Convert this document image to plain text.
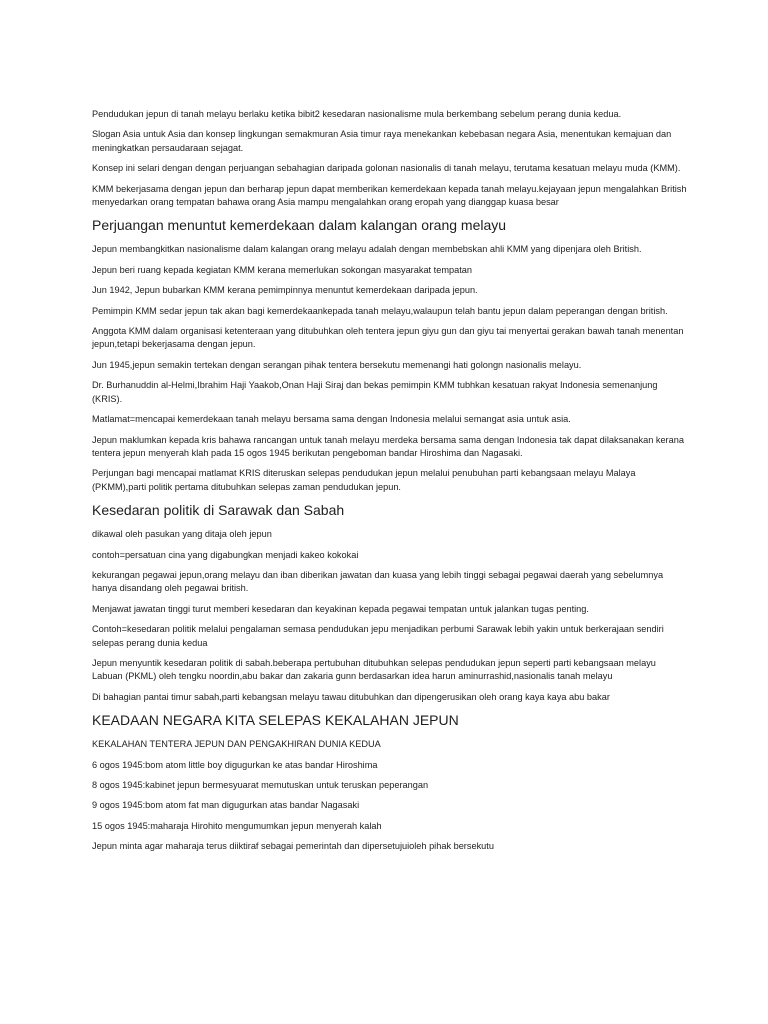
Pendudukan jepun di tanah melayu berlaku ketika bibit2 kesedaran nasionalisme mula berkembang sebelum perang dunia kedua.

Slogan Asia untuk Asia dan konsep lingkungan semakmuran Asia timur raya menekankan kebebasan negara Asia, menentukan kemajuan dan meningkatkan persaudaraan sejagat.

Konsep ini selari dengan dengan perjuangan sebahagian daripada golonan nasionalis di tanah melayu, terutama kesatuan melayu muda (KMM).

KMM bekerjasama dengan jepun dan berharap jepun dapat memberikan kemerdekaan kepada tanah melayu.kejayaan jepun mengalahkan British menyedarkan orang tempatan bahawa orang Asia mampu mengalahkan orang eropah yang dianggap kuasa besar

Perjuangan menuntut kemerdekaan dalam kalangan orang melayu

Jepun membangkitkan nasionalisme dalam kalangan orang melayu adalah dengan membebskan ahli KMM yang dipenjara oleh British.

Jepun beri ruang kepada kegiatan KMM kerana memerlukan sokongan masyarakat tempatan

Jun 1942, Jepun bubarkan KMM kerana pemimpinnya menuntut kemerdekaan daripada jepun.

Pemimpin KMM sedar jepun tak akan bagi kemerdekaankepada tanah melayu,walaupun telah bantu jepun dalam peperangan dengan british.

Anggota KMM dalam organisasi ketenteraan yang ditubuhkan oleh tentera jepun giyu gun dan giyu tai menyertai gerakan bawah tanah menentan jepun,tetapi bekerjasama dengan jepun.

Jun 1945,jepun semakin tertekan dengan serangan pihak tentera bersekutu memenangi hati golongn nasionalis melayu.

Dr. Burhanuddin al-Helmi,Ibrahim Haji Yaakob,Onan Haji Siraj dan bekas pemimpin KMM tubhkan kesatuan rakyat Indonesia semenanjung (KRIS).

Matlamat=mencapai kemerdekaan tanah melayu bersama sama dengan Indonesia melalui semangat asia untuk asia.

Jepun maklumkan kepada kris bahawa rancangan untuk tanah melayu merdeka bersama sama dengan Indonesia tak dapat dilaksanakan kerana tentera jepun menyerah klah pada 15 ogos 1945 berikutan pengeboman bandar Hiroshima dan Nagasaki.

Perjungan bagi mencapai matlamat KRIS diteruskan selepas pendudukan jepun melalui penubuhan parti kebangsaan melayu Malaya (PKMM),parti politik pertama ditubuhkan selepas zaman pendudukan jepun.

Kesedaran politik di Sarawak dan Sabah

dikawal oleh pasukan yang ditaja oleh jepun

contoh=persatuan cina yang digabungkan menjadi kakeo kokokai

kekurangan pegawai jepun,orang melayu dan iban diberikan jawatan dan kuasa yang lebih tinggi sebagai pegawai daerah yang sebelumnya hanya disandang oleh pegawai british.

Menjawat jawatan tinggi turut memberi kesedaran dan keyakinan kepada pegawai tempatan untuk jalankan tugas penting.

Contoh=kesedaran politik melalui pengalaman semasa pendudukan jepu menjadikan perbumi Sarawak lebih yakin untuk berkerajaan sendiri selepas perang dunia kedua

Jepun menyuntik kesedaran politik di sabah.beberapa pertubuhan ditubuhkan selepas pendudukan jepun seperti parti kebangsaan melayu Labuan (PKML) oleh tengku noordin,abu bakar dan zakaria gunn berdasarkan idea harun aminurrashid,nasionalis tanah melayu

Di bahagian pantai timur sabah,parti kebangsan melayu tawau ditubuhkan dan dipengerusikan oleh orang kaya kaya abu bakar

KEADAAN NEGARA KITA SELEPAS KEKALAHAN JEPUN

KEKALAHAN TENTERA JEPUN DAN PENGAKHIRAN DUNIA KEDUA

6 ogos 1945:bom atom little boy digugurkan ke atas bandar Hiroshima

8 ogos 1945:kabinet jepun bermesyuarat memutuskan untuk teruskan peperangan

9 ogos 1945:bom atom fat man digugurkan atas bandar Nagasaki

15 ogos 1945:maharaja Hirohito mengumumkan jepun menyerah kalah

Jepun minta agar maharaja terus diiktiraf sebagai pemerintah dan dipersetujuioleh pihak bersekutu
